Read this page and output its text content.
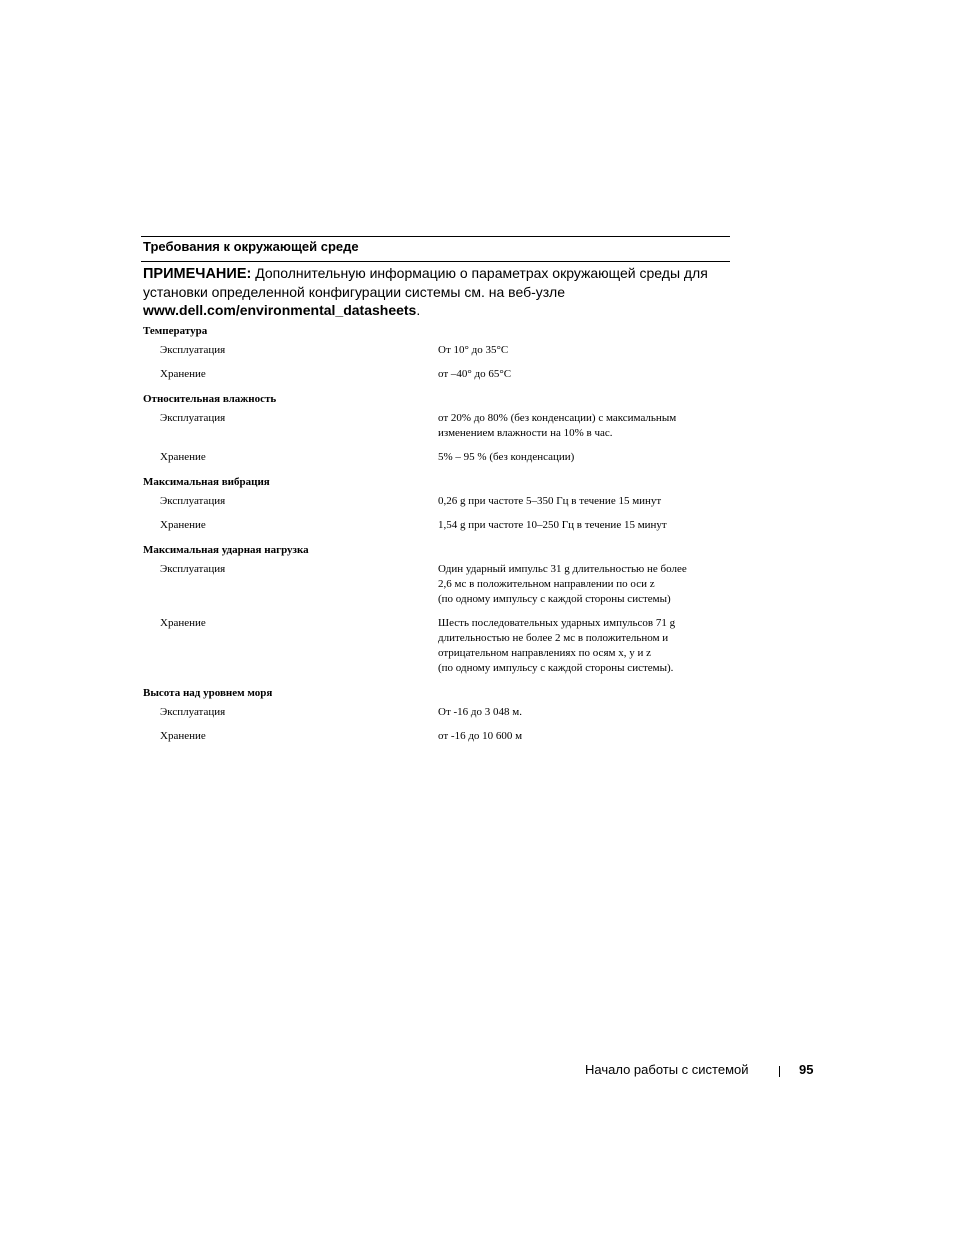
Требования к окружающей среде
ПРИМЕЧАНИЕ: Дополнительную информацию о параметрах окружающей среды для установки определенной конфигурации системы см. на веб-узле www.dell.com/environmental_datasheets.
Температура
Эксплуатация	От 10° до 35°C
Хранение	от –40° до 65°C
Относительная влажность
Эксплуатация	от 20% до 80% (без конденсации) с максимальным
изменением влажности на 10% в час.
Хранение	5% – 95 % (без конденсации)
Максимальная вибрация
Эксплуатация	0,26 g при частоте 5–350 Гц в течение 15 минут
Хранение	1,54 g при частоте 10–250 Гц в течение 15 минут
Максимальная ударная нагрузка
Эксплуатация	Один ударный импульс 31 g длительностью не более
2,6 мс в положительном направлении по оси z
(по одному импульсу с каждой стороны системы)
Хранение	Шесть последовательных ударных импульсов 71 g
длительностью не более 2 мс в положительном и
отрицательном направлениях по осям x, y и z
(по одному импульсу с каждой стороны системы).
Высота над уровнем моря
Эксплуатация	От -16 до 3 048 м.
Хранение	от -16 до 10 600 м
Начало работы с системой	95
